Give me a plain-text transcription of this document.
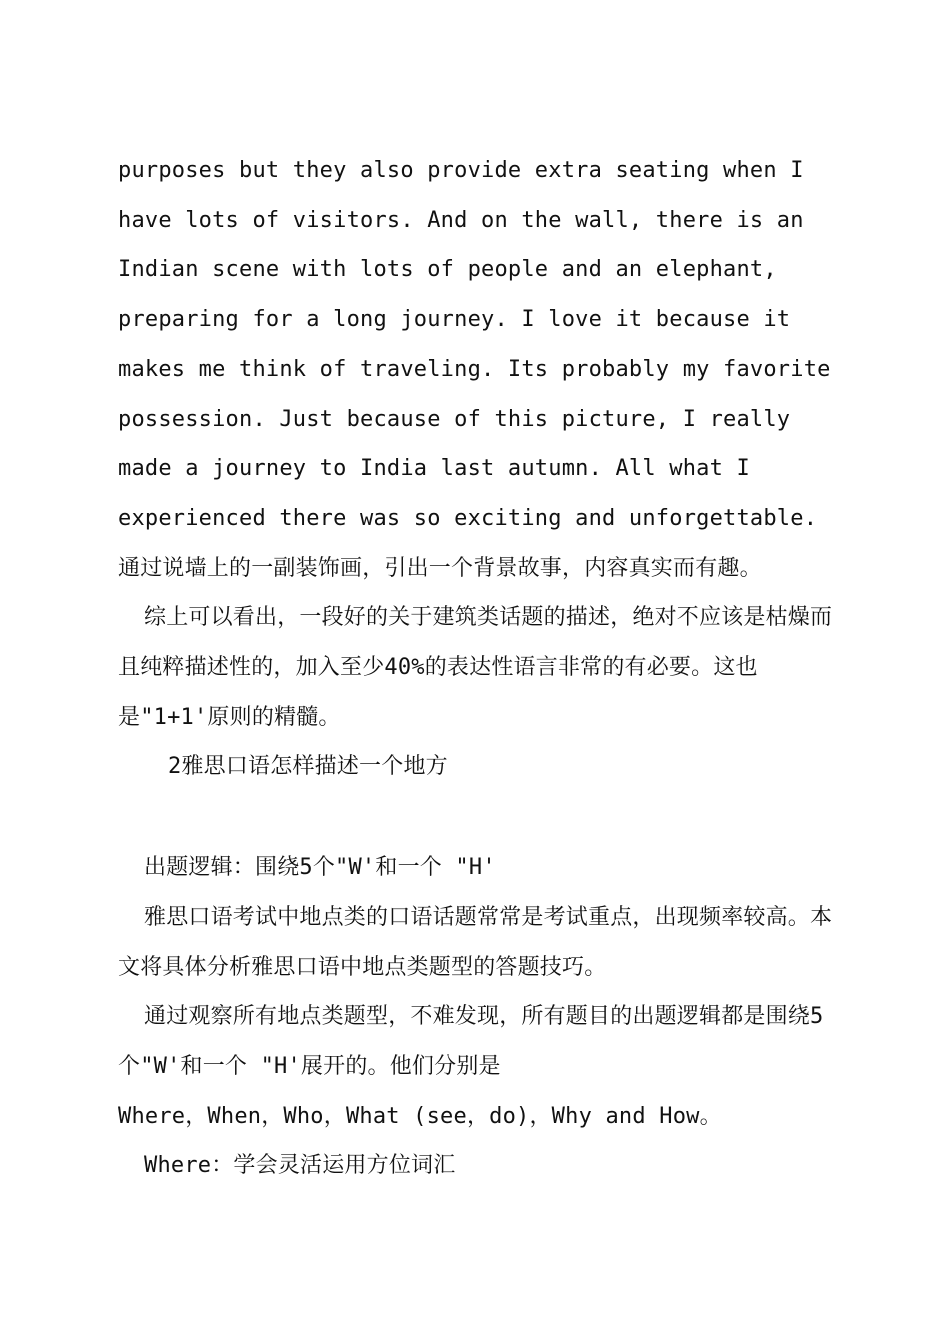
purposes but they also provide extra seating when I have lots of visitors. And on the wall, there is an Indian scene with lots of people and an elephant, preparing for a long journey. I love it because it makes me think of traveling. Its probably my favorite possession. Just because of this picture, I really made a journey to India last autumn. All what I experienced there was so exciting and unforgettable. 通过说墙上的一副装饰画，引出一个背景故事，内容真实而有趣。

综上可以看出，一段好的关于建筑类话题的描述，绝对不应该是枯燥而且纯粹描述性的，加入至少40%的表达性语言非常的有必要。这也是"1+1'原则的精髓。

2雅思口语怎样描述一个地方

出题逻辑：围绕5个"W'和一个 "H'

雅思口语考试中地点类的口语话题常常是考试重点，出现频率较高。本文将具体分析雅思口语中地点类题型的答题技巧。

通过观察所有地点类题型，不难发现，所有题目的出题逻辑都是围绕5个"W'和一个 "H'展开的。他们分别是

Where，When，Who，What (see，do)，Why and How。

Where：学会灵活运用方位词汇
